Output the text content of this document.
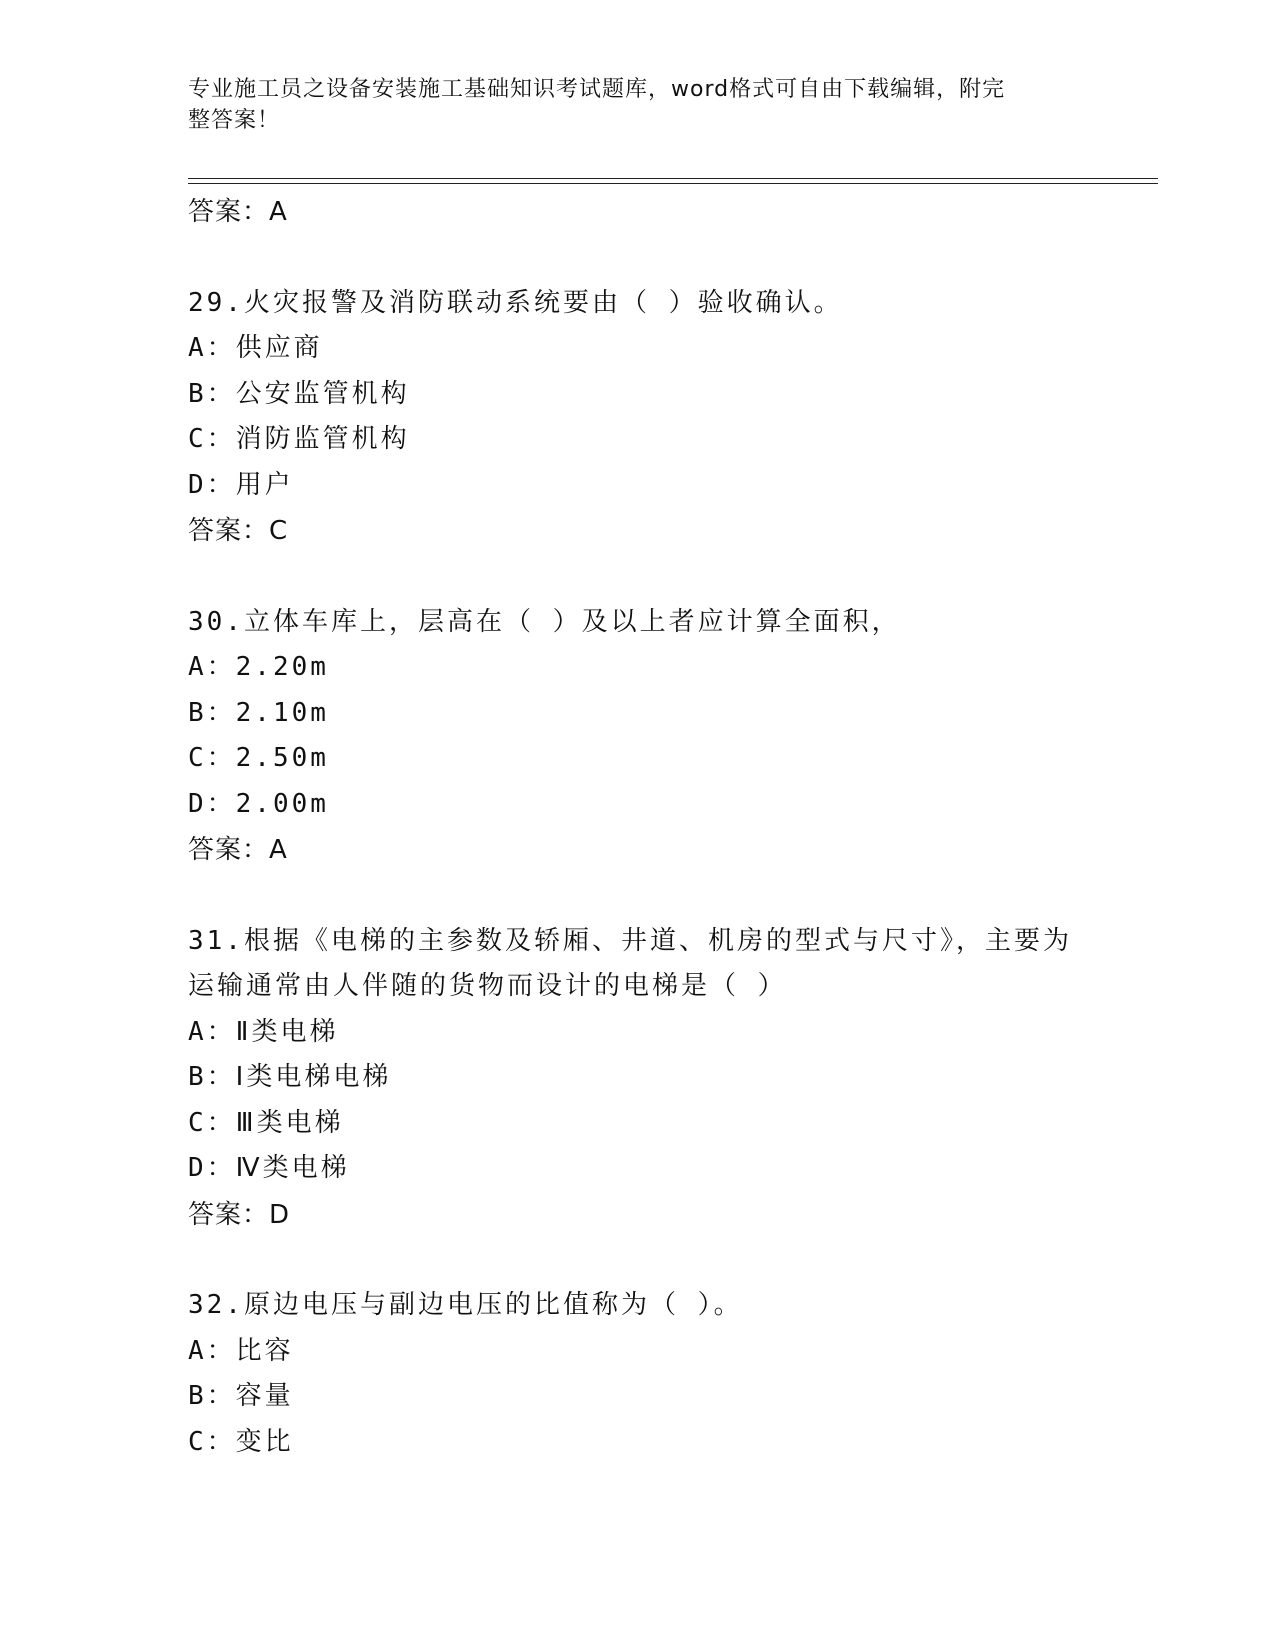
专业施工员之设备安装施工基础知识考试题库，word格式可自由下载编辑，附完
整答案！
答案：A
29.火灾报警及消防联动系统要由（ ）验收确认。
A：供应商
B：公安监管机构
C：消防监管机构
D：用户
答案：C
30.立体车库上，层高在（ ）及以上者应计算全面积，
A：2.20m
B：2.10m
C：2.50m
D：2.00m
答案：A
31.根据《电梯的主参数及轿厢、井道、机房的型式与尺寸》，主要为
运输通常由人伴随的货物而设计的电梯是（ ）
A：Ⅱ类电梯
B：Ⅰ类电梯电梯
C：Ⅲ类电梯
D：Ⅳ类电梯
答案：D
32.原边电压与副边电压的比值称为（ ）。
A：比容
B：容量
C：变比
